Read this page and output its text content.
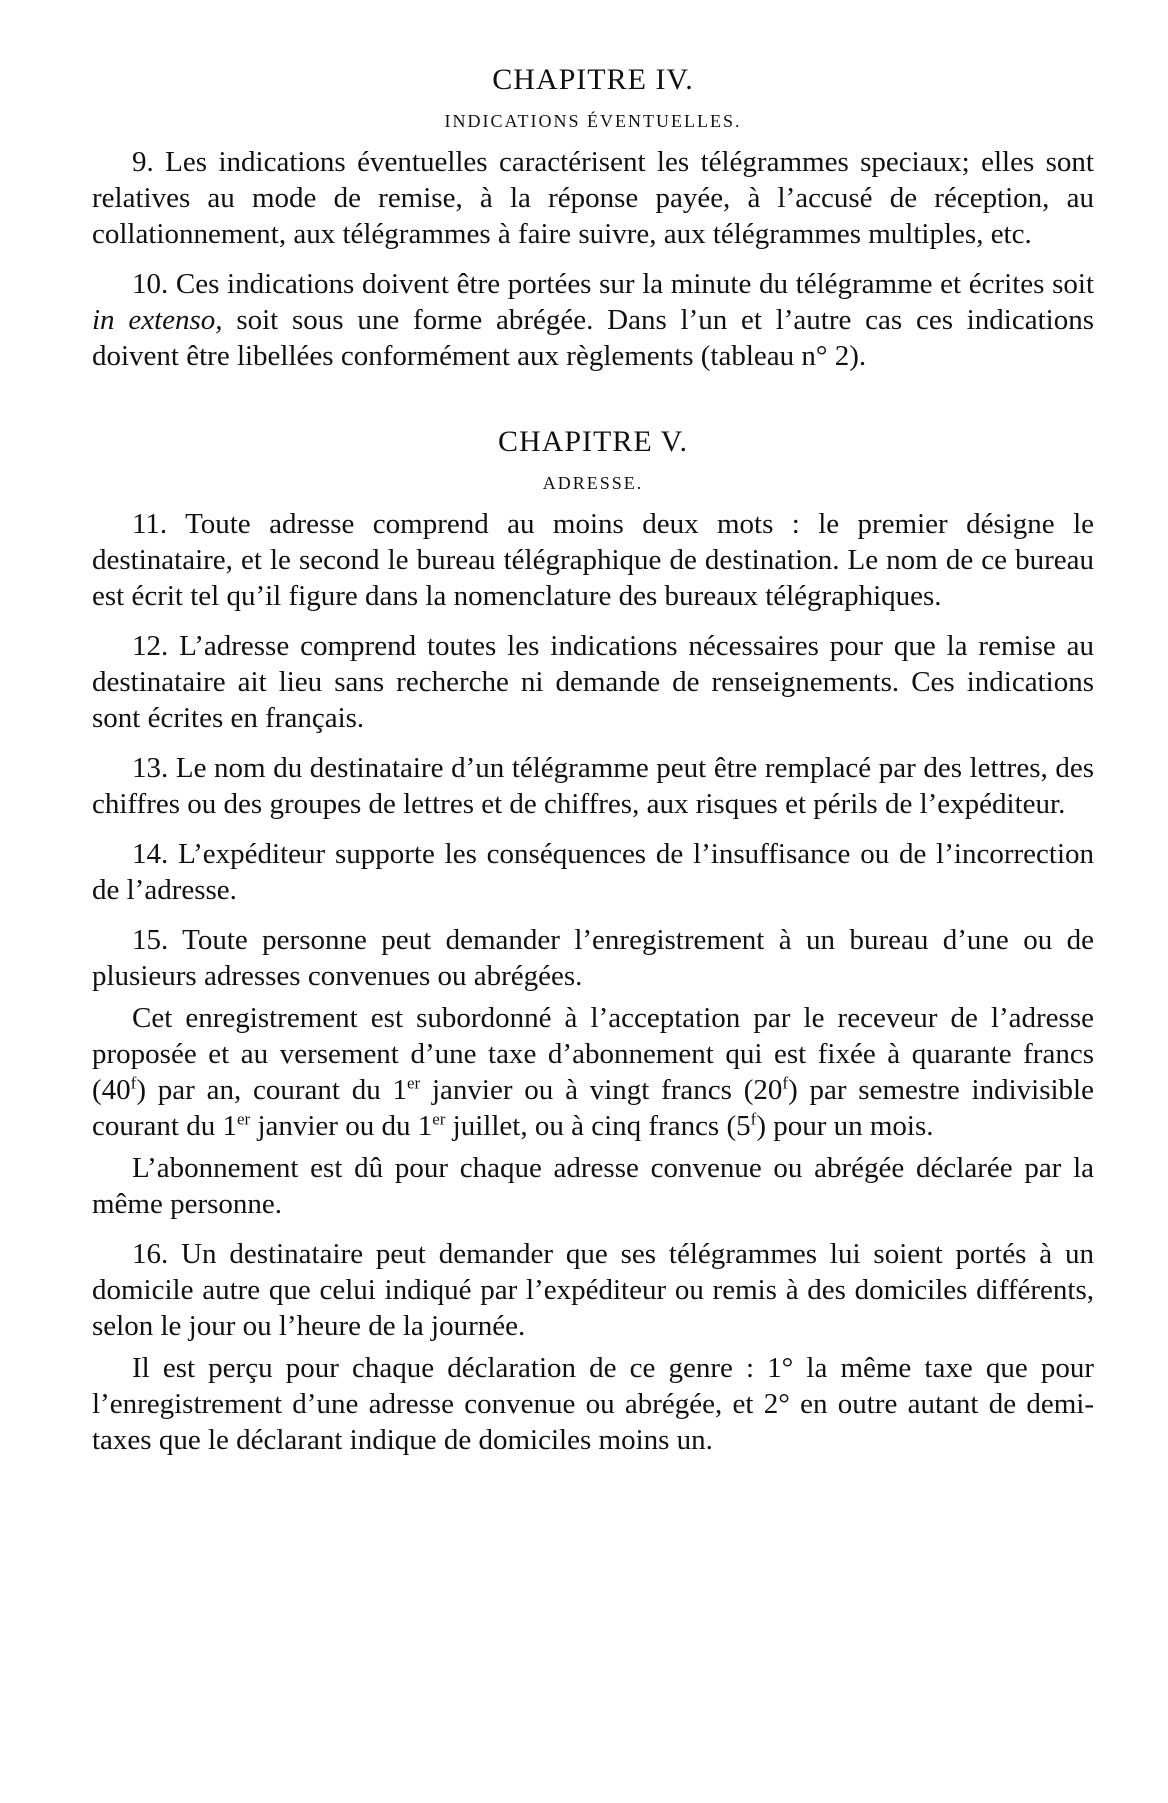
CHAPITRE IV.
INDICATIONS ÉVENTUELLES.

9. Les indications éventuelles caractérisent les télégrammes speciaux; elles sont relatives au mode de remise, à la réponse payée, à l’accusé de réception, au collationnement, aux télégrammes à faire suivre, aux télégrammes multiples, etc.

10. Ces indications doivent être portées sur la minute du télégramme et écrites soit in extenso, soit sous une forme abrégée. Dans l’un et l’autre cas ces indications doivent être libellées conformément aux règlements (tableau n° 2).

CHAPITRE V.
ADRESSE.

11. Toute adresse comprend au moins deux mots : le premier désigne le destinataire, et le second le bureau télégraphique de destination. Le nom de ce bureau est écrit tel qu’il figure dans la nomenclature des bureaux télégraphiques.

12. L’adresse comprend toutes les indications nécessaires pour que la remise au destinataire ait lieu sans recherche ni demande de renseignements. Ces indications sont écrites en français.

13. Le nom du destinataire d’un télégramme peut être remplacé par des lettres, des chiffres ou des groupes de lettres et de chiffres, aux risques et périls de l’expéditeur.

14. L’expéditeur supporte les conséquences de l’insuffisance ou de l’incorrection de l’adresse.

15. Toute personne peut demander l’enregistrement à un bureau d’une ou de plusieurs adresses convenues ou abrégées.

Cet enregistrement est subordonné à l’acceptation par le receveur de l’adresse proposée et au versement d’une taxe d’abonnement qui est fixée à quarante francs (40$^f$) par an, courant du 1er janvier ou à vingt francs (20$^f$) par semestre indivisible courant du 1er janvier ou du 1er juillet, ou à cinq francs (5$^f$) pour un mois.

L’abonnement est dû pour chaque adresse convenue ou abrégée déclarée par la même personne.

16. Un destinataire peut demander que ses télégrammes lui soient portés à un domicile autre que celui indiqué par l’expéditeur ou remis à des domiciles différents, selon le jour ou l’heure de la journée.

Il est perçu pour chaque déclaration de ce genre : 1° la même taxe que pour l’enregistrement d’une adresse convenue ou abrégée, et 2° en outre autant de demi-taxes que le déclarant indique de domiciles moins un.
